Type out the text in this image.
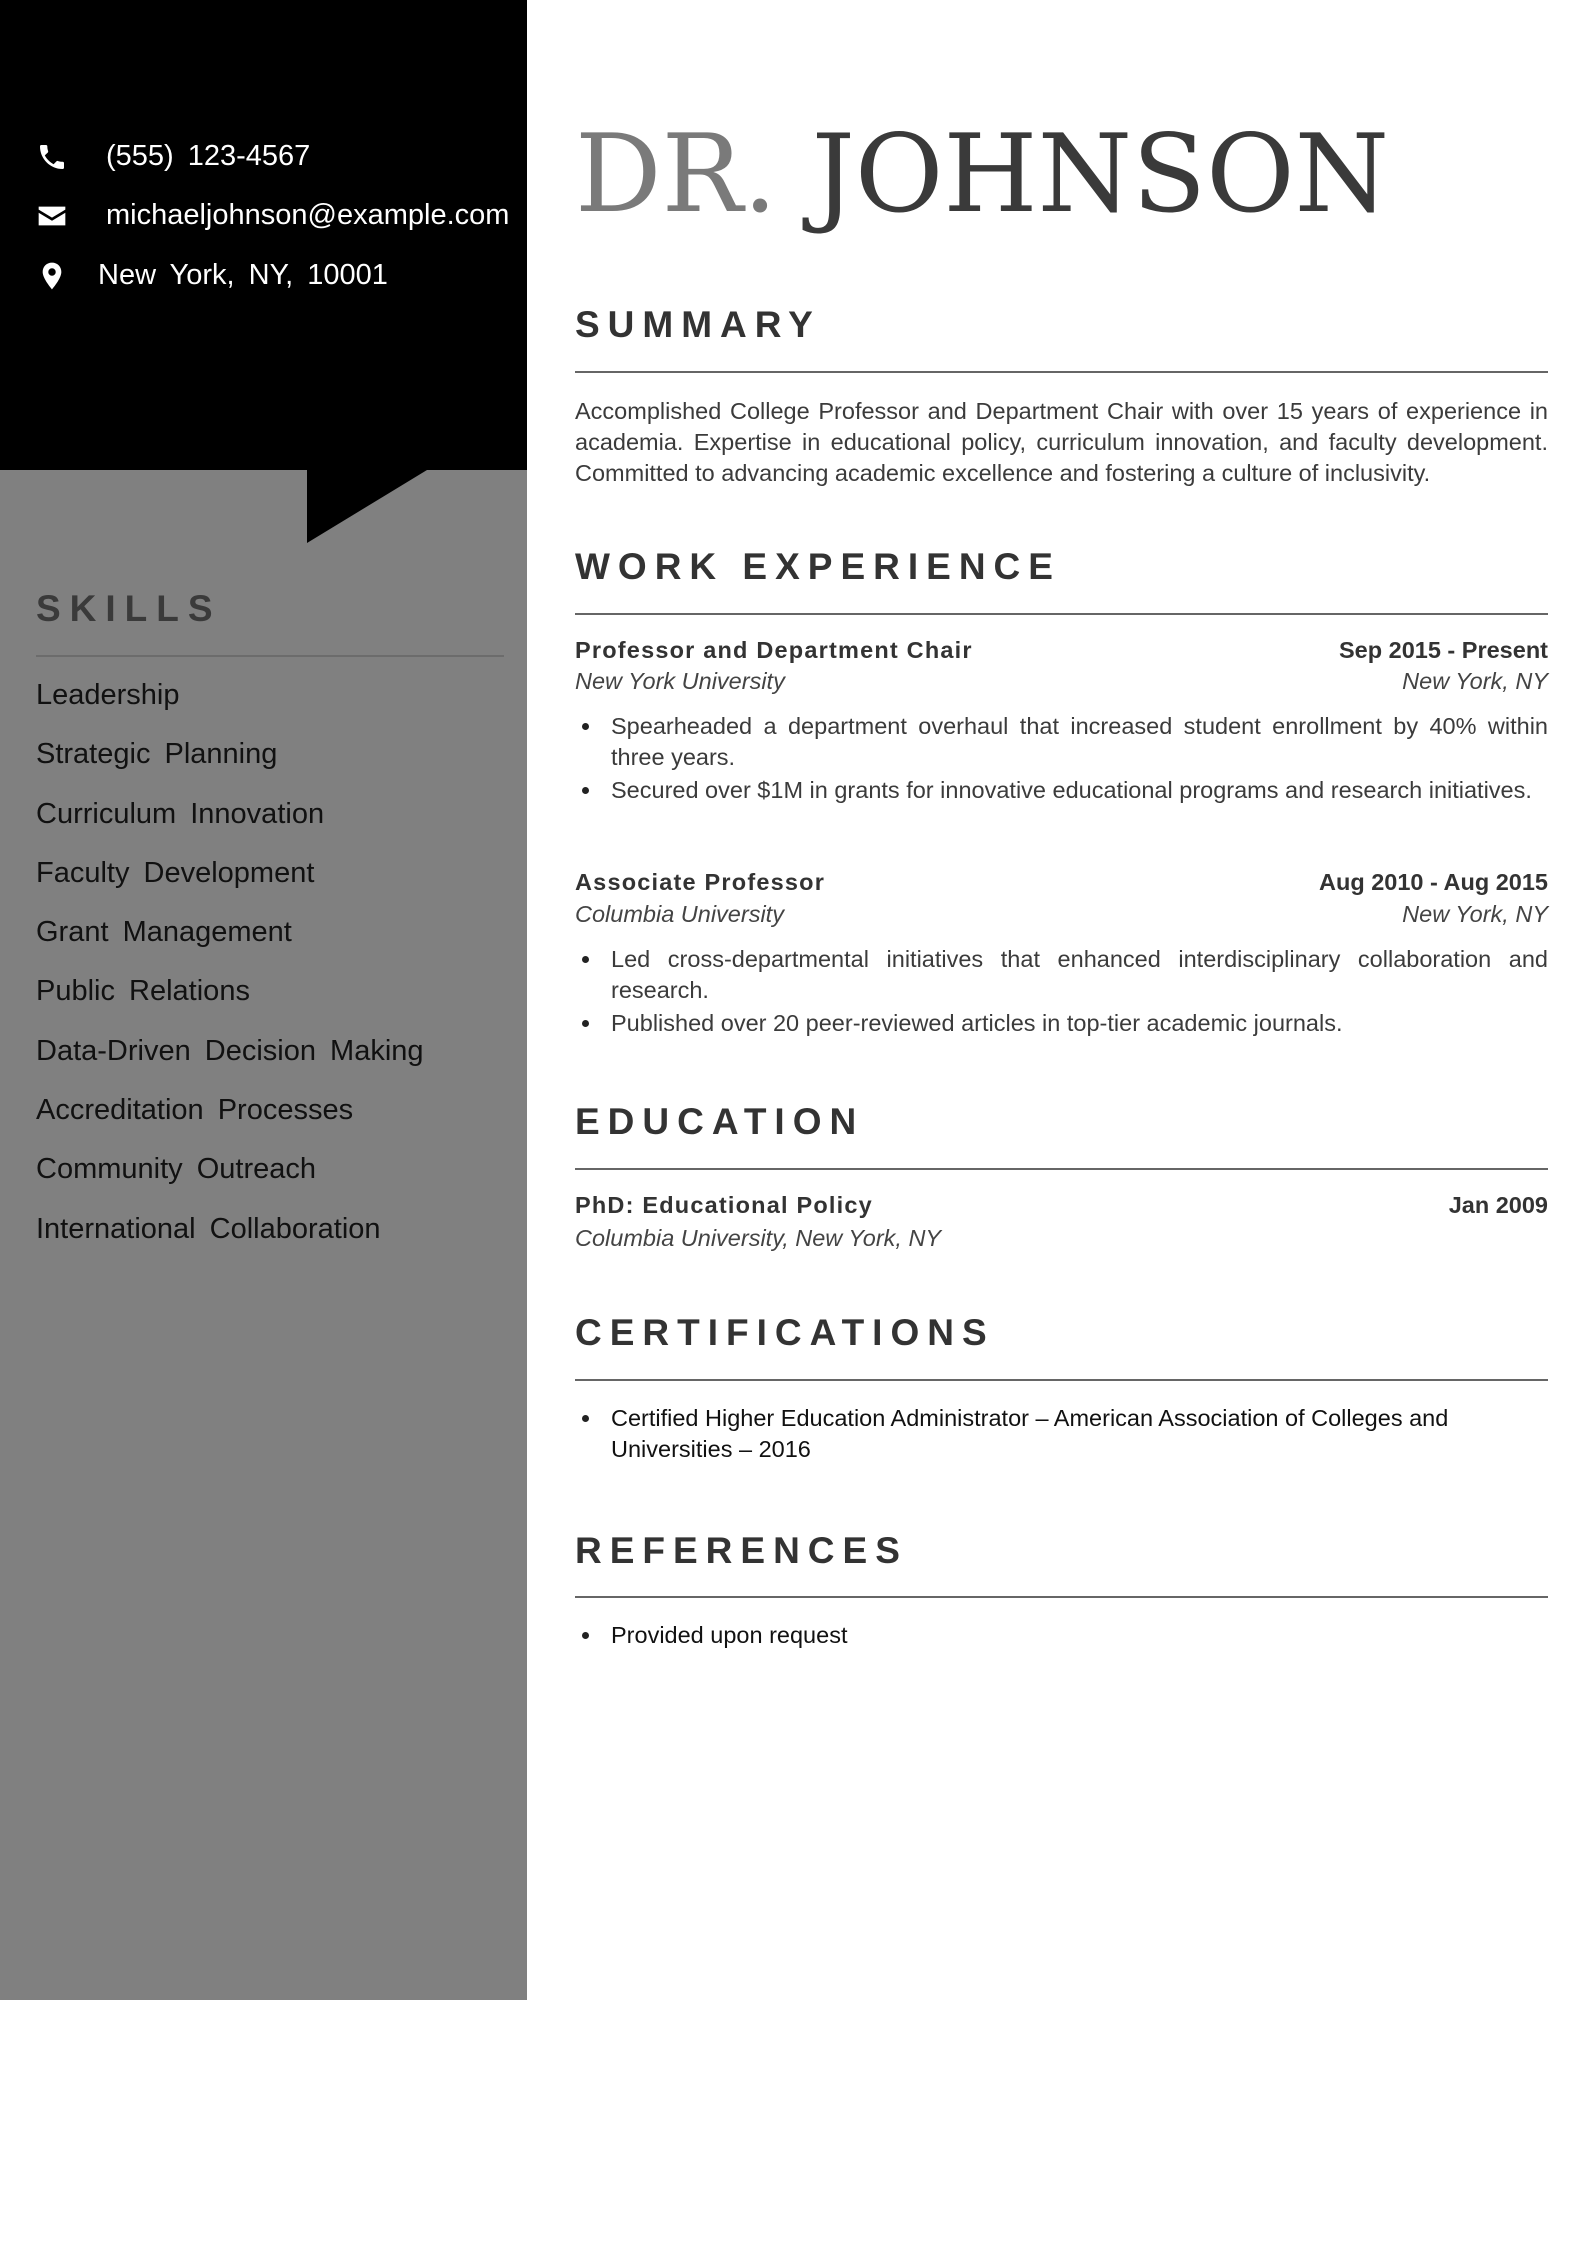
(555) 123-4567
michaeljohnson@example.com
New York, NY, 10001
SKILLS
Leadership
Strategic Planning
Curriculum Innovation
Faculty Development
Grant Management
Public Relations
Data-Driven Decision Making
Accreditation Processes
Community Outreach
International Collaboration
DR. JOHNSON
SUMMARY

Accomplished College Professor and Department Chair with over 15 years of experience in academia. Expertise in educational policy, curriculum innovation, and faculty development. Committed to advancing academic excellence and fostering a culture of inclusivity.

WORK EXPERIENCE
Professor and Department Chair	Sep 2015 - Present
New York University	New York, NY
Spearheaded a department overhaul that increased student enrollment by 40% within three years.
Secured over $1M in grants for innovative educational programs and research initiatives.
Associate Professor	Aug 2010 - Aug 2015
Columbia University	New York, NY
Led cross-departmental initiatives that enhanced interdisciplinary collaboration and research.
Published over 20 peer-reviewed articles in top-tier academic journals.
EDUCATION
PhD: Educational Policy	Jan 2009
Columbia University, New York, NY
CERTIFICATIONS
Certified Higher Education Administrator – American Association of Colleges and Universities – 2016
REFERENCES
Provided upon request
